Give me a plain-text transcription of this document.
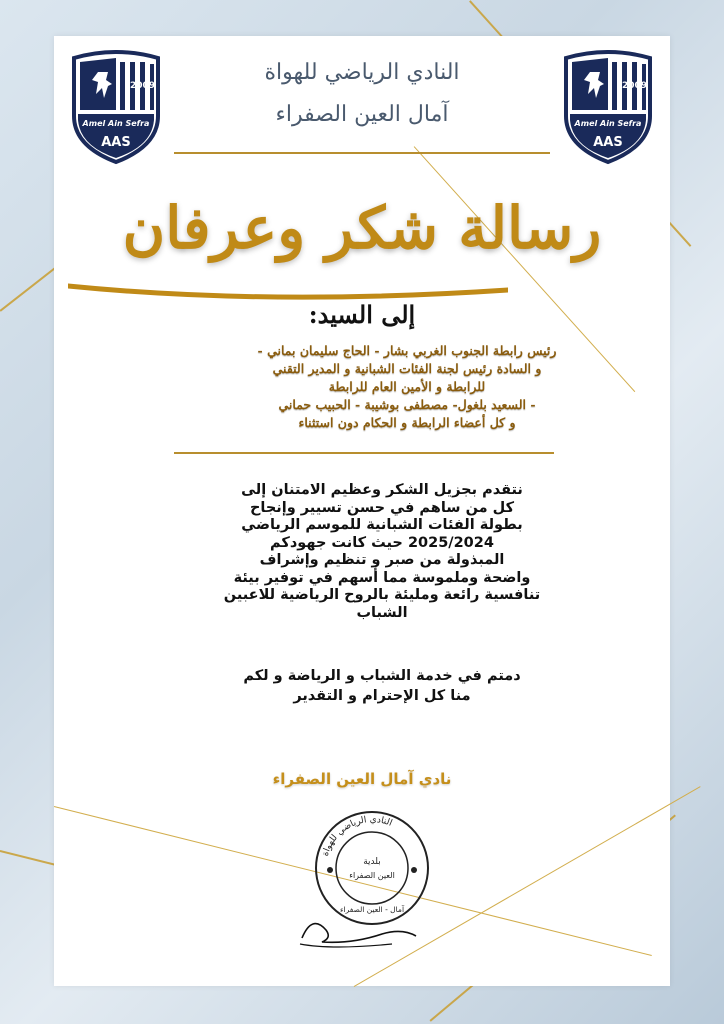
2009
Amel Ain Sefra
AAS
2009
Amel Ain Sefra
AAS
النادي الرياضي للهواة
آمال العين الصفراء
رسالة شكر وعرفان
إلى السيد:
رئيس رابطة الجنوب الغربي بشار - الحاج سليمان بماني -
و السادة رئيس لجنة الفئات الشبانية و المدير التقني
للرابطة و الأمين العام للرابطة
- السعيد بلغول- مصطفى بوشيبة - الحبيب حماني
و كل أعضاء الرابطة و الحكام دون استثناء
نتقدم بجزيل الشكر وعظيم الامتنان إلى
كل من ساهم في حسن تسيير وإنجاح
بطولة الفئات الشبانية للموسم الرياضي
2025/2024 حيث كانت جهودكم
المبذولة من صبر و تنظيم وإشراف
واضحة وملموسة مما أسهم في توفير بيئة
تنافسية رائعة ومليئة بالروح الرياضية للاعبين
الشباب
دمتم في خدمة الشباب و الرياضة و لكم
منا كل الإحترام و التقدير
نادي آمال العين الصفراء
النادي الرياضي للهواة
بلدية
العين الصفراء
آمال - العين الصفراء
